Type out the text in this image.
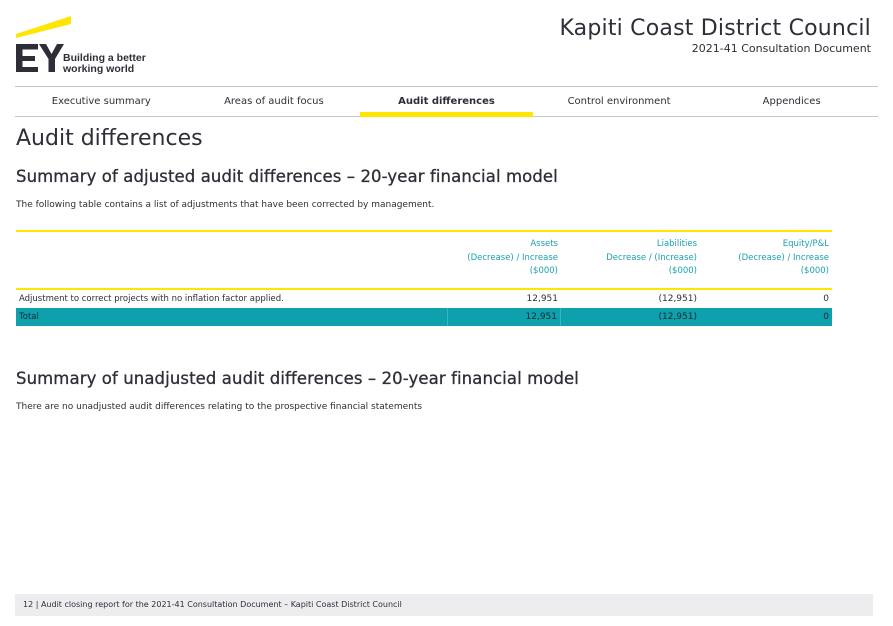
Building a better
working world
Kapiti Coast District Council
2021-41 Consultation Document
Executive summary	Areas of audit focus	Audit differences	Control environment	Appendices
Audit differences
Summary of adjusted audit differences – 20-year financial model
The following table contains a list of adjustments that have been corrected by management.
Assets
(Decrease) / Increase
($000)
Liabilities
Decrease / (Increase)
($000)
Equity/P&L
(Decrease) / Increase
($000)
Adjustment to correct projects with no inflation factor applied.	12,951	(12,951)	0
Total	12,951	(12,951)	0
Summary of unadjusted audit differences – 20-year financial model
There are no unadjusted audit differences relating to the prospective financial statements
12 | Audit closing report for the 2021-41 Consultation Document – Kapiti Coast District Council
